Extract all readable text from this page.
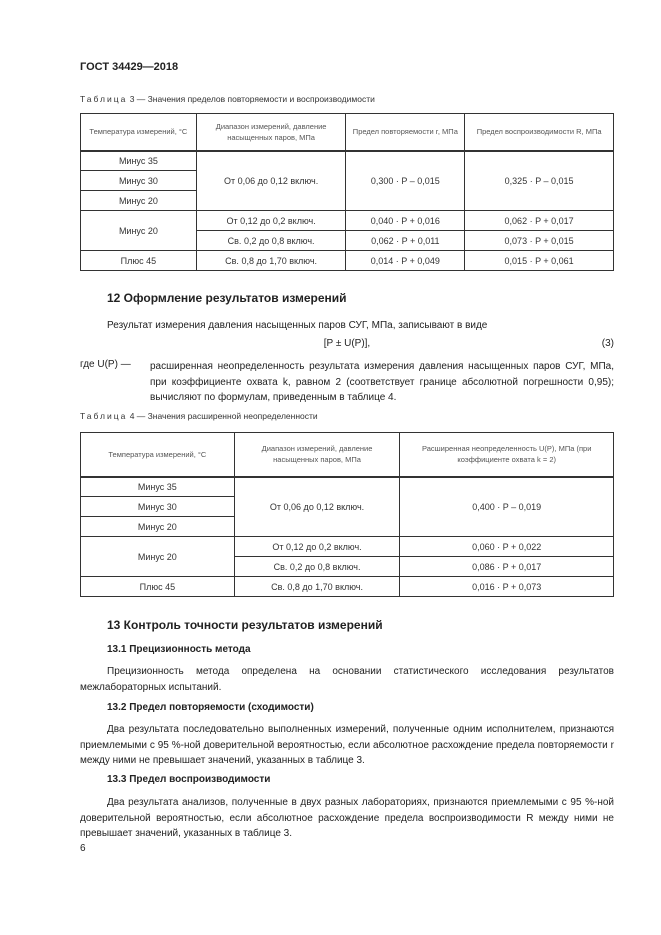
ГОСТ 34429—2018
Таблица 3 — Значения пределов повторяемости и воспроизводимости
Температура измерений, °С	Диапазон измерений, давление насыщенных паров, МПа	Предел повторяемости r, МПа	Предел воспроизводимости R, МПа
Минус 35	От 0,06 до 0,12 включ.	0,300 · P – 0,015	0,325 · P – 0,015
Минус 30			
Минус 20			
Минус 20	От 0,12 до 0,2 включ.	0,040 · P + 0,016	0,062 · P + 0,017
	Св. 0,2 до 0,8 включ.	0,062 · P + 0,011	0,073 · P + 0,015
Плюс 45	Св. 0,8 до 1,70 включ.	0,014 · P + 0,049	0,015 · P + 0,061
12 Оформление результатов измерений
Результат измерения давления насыщенных паров СУГ, МПа, записывают в виде
[P ± U(P)],	(3)
где U(P) — расширенная неопределенность результата измерения давления насыщенных паров СУГ, МПа, при коэффициенте охвата k, равном 2 (соответствует границе абсолютной погрешности 0,95); вычисляют по формулам, приведенным в таблице 4.
Таблица 4 — Значения расширенной неопределенности
Температура измерений, °С	Диапазон измерений, давление насыщенных паров, МПа	Расширенная неопределенность U(P), МПа (при коэффициенте охвата k = 2)
Минус 35	От 0,06 до 0,12 включ.	0,400 · P – 0,019
Минус 30		
Минус 20		
Минус 20	От 0,12 до 0,2 включ.	0,060 · P + 0,022
	Св. 0,2 до 0,8 включ.	0,086 · P + 0,017
Плюс 45	Св. 0,8 до 1,70 включ.	0,016 · P + 0,073
13 Контроль точности результатов измерений
13.1 Прецизионность метода
Прецизионность метода определена на основании статистического исследования результатов межлабораторных испытаний.
13.2 Предел повторяемости (сходимости)
Два результата последовательно выполненных измерений, полученные одним исполнителем, признаются приемлемыми с 95 %-ной доверительной вероятностью, если абсолютное расхождение предела повторяемости r между ними не превышает значений, указанных в таблице 3.
13.3 Предел воспроизводимости
Два результата анализов, полученные в двух разных лабораториях, признаются приемлемыми с 95 %-ной доверительной вероятностью, если абсолютное расхождение предела воспроизводимости R между ними не превышает значений, указанных в таблице 3.
6
